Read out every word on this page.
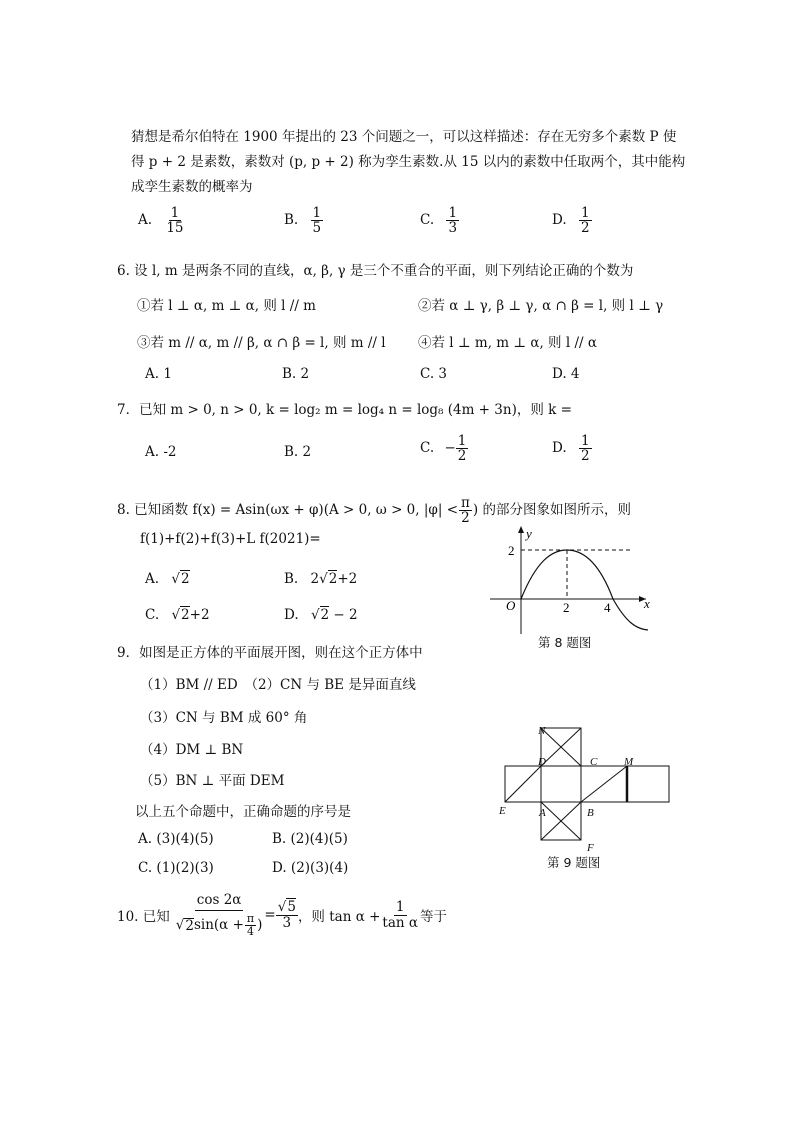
猜想是希尔伯特在 1900 年提出的 23 个问题之一，可以这样描述：存在无穷多个素数 P 使
得 p + 2 是素数，素数对 (p, p + 2) 称为孪生素数.从 15 以内的素数中任取两个，其中能构
成孪生素数的概率为
A. $\frac{1}{15}$	B. $\frac{1}{5}$	C. $\frac{1}{3}$	D. $\frac{1}{2}$
6. 设 l, m 是两条不同的直线，α, β, γ 是三个不重合的平面，则下列结论正确的个数为
①若 l ⊥ α, m ⊥ α, 则 l // m	②若 α ⊥ γ, β ⊥ γ, α ∩ β = l, 则 l ⊥ γ
③若 m // α, m // β, α ∩ β = l, 则 m // l ④若 l ⊥ m, m ⊥ α, 则 l // α
A. 1	B. 2	C. 3	D. 4
7．已知 m > 0, n > 0, k = log₂ m = log₄ n = log₈ (4m + 3n)，则 k =
A. -2	B. 2	C. − $\frac{1}{2}$	D. $\frac{1}{2}$
8. 已知函数 f(x) = Asin(ωx + φ)(A > 0, ω > 0, $|\varphi| < \frac{\pi}{2}$ ) 的部分图象如图所示，则
f(1)+f(2)+f(3)+L f(2021)=
A. √2	B. 2√2+2
C. √2+2	D. √2 − 2
y
x
O
2
2	4
第 8 题图
9．如图是正方体的平面展开图，则在这个正方体中
（1）BM // ED　（2）CN 与 BE 是异面直线
（3）CN 与 BM 成 60° 角
（4）DM ⊥ BN
（5）BN ⊥ 平面 DEM
以上五个命题中，正确命题的序号是
A. (3)(4)(5)	B. (2)(4)(5)
C. (1)(2)(3)	D. (2)(3)(4)
N
D	C M
E	A	B
F
第 9 题图
10. 已知 $\frac{\cos 2\alpha}{√ 2 \sin(\alpha + \frac{\pi}{4} )} = \frac{√5}{3}$ ，则 $\tan \alpha + \frac{1}{\text{tan α}}$ 等于
